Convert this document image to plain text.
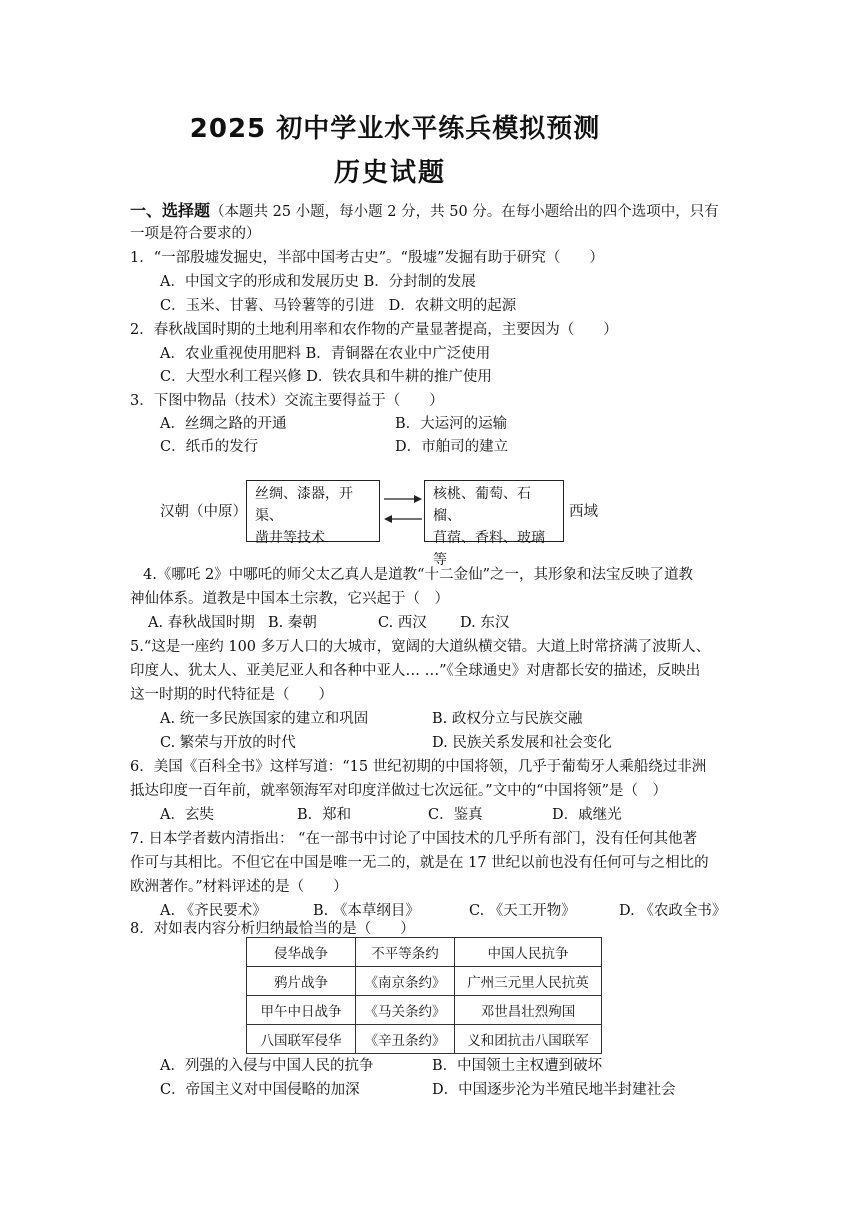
2025 初中学业水平练兵模拟预测
历史试题
一、选择题（本题共 25 小题，每小题 2 分，共 50 分。在每小题给出的四个选项中，只有
一项是符合要求的）
1．“一部殷墟发掘史，半部中国考古史”。“殷墟”发掘有助于研究（　　）
A．中国文字的形成和发展历史 B．分封制的发展
C．玉米、甘薯、马铃薯等的引进　D．农耕文明的起源
2．春秋战国时期的土地利用率和农作物的产量显著提高，主要因为（　　）
A．农业重视使用肥料 B．青铜器在农业中广泛使用
C．大型水利工程兴修 D．铁农具和牛耕的推广使用
3．下图中物品（技术）交流主要得益于（　　）
A．丝绸之路的开通	B．大运河的运输
C．纸币的发行	D．市舶司的建立
汉朝（中原）
丝绸、漆器，开渠、
凿井等技术
核桃、葡萄、石榴、
苜蓿、香料、玻璃等
西域
4.《哪吒 2》中哪吒的师父太乙真人是道教“十二金仙”之一，其形象和法宝反映了道教
神仙体系。道教是中国本土宗教，它兴起于（　）
A. 春秋战国时期 B. 秦朝	C. 西汉 D. 东汉
5.“这是一座约 100 多万人口的大城市，宽阔的大道纵横交错。大道上时常挤满了波斯人、
印度人、犹太人、亚美尼亚人和各种中亚人… …”《全球通史》对唐都长安的描述，反映出
这一时期的时代特征是（　　）
A. 统一多民族国家的建立和巩固	B. 政权分立与民族交融
C. 繁荣与开放的时代	D. 民族关系发展和社会变化
6．美国《百科全书》这样写道：“15 世纪初期的中国将领，几乎于葡萄牙人乘船绕过非洲
抵达印度一百年前，就率领海军对印度洋做过七次远征。”文中的“中国将领”是（　）
A．玄奘	B．郑和	C．鉴真	D．戚继光
7. 日本学者薮内清指出： “在一部书中讨论了中国技术的几乎所有部门，没有任何其他著
作可与其相比。不但它在中国是唯一无二的，就是在 17 世纪以前也没有任何可与之相比的
欧洲著作。”材料评述的是（　　）
A. 《齐民要术》	B. 《本草纲目》	C. 《天工开物》	D. 《农政全书》
8．对如表内容分析归纳最恰当的是（　　）
侵华战争	不平等条约	中国人民抗争
鸦片战争	《南京条约》	广州三元里人民抗英
甲午中日战争	《马关条约》	邓世昌壮烈殉国
八国联军侵华	《辛丑条约》	义和团抗击八国联军
A．列强的入侵与中国人民的抗争	B．中国领土主权遭到破坏
C．帝国主义对中国侵略的加深	D．中国逐步沦为半殖民地半封建社会
